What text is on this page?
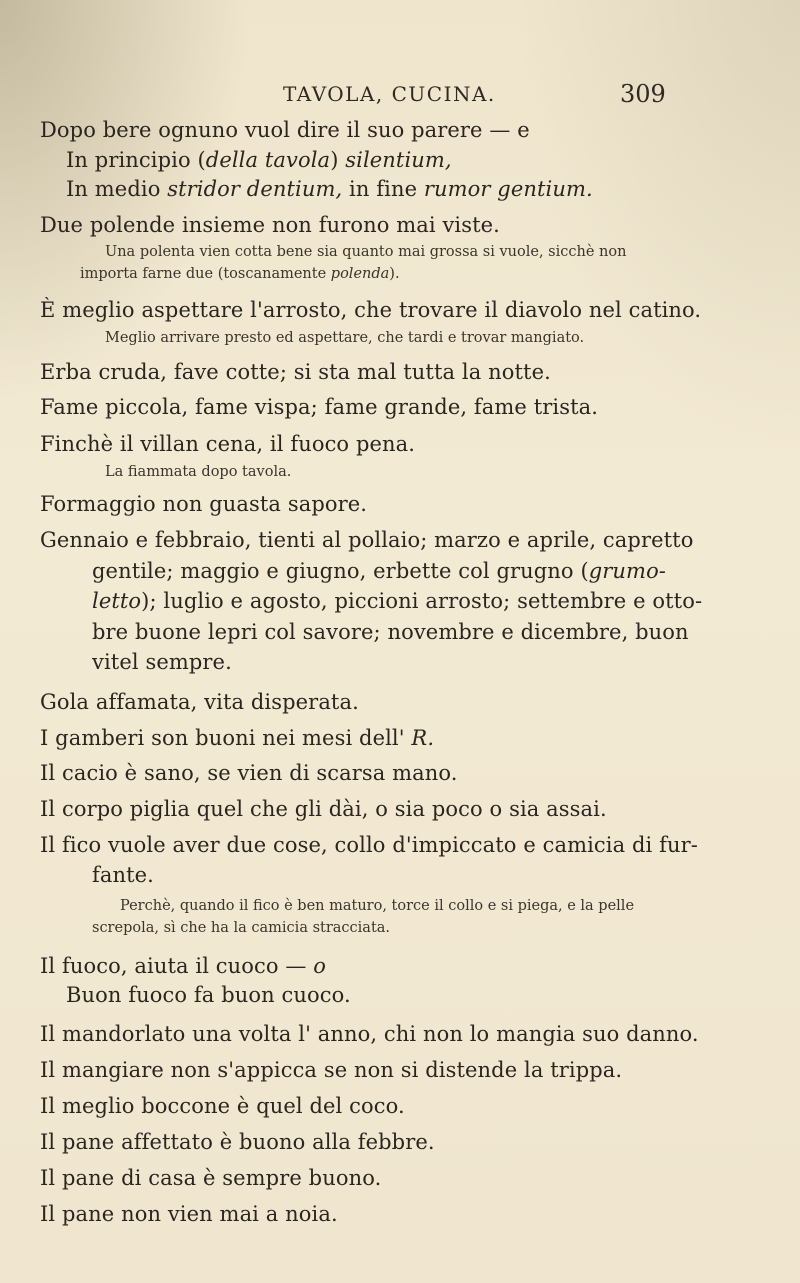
TAVOLA, CUCINA.	309
Dopo bere ognuno vuol dire il suo parere — e
In principio (della tavola) silentium,
In medio stridor dentium, in fine rumor gentium.
Due polende insieme non furono mai viste.
Una polenta vien cotta bene sia quanto mai grossa si vuole, sicchè non
importa farne due (toscanamente polenda).
È meglio aspettare l'arrosto, che trovare il diavolo nel catino.
Meglio arrivare presto ed aspettare, che tardi e trovar mangiato.
Erba cruda, fave cotte; si sta mal tutta la notte.
Fame piccola, fame vispa; fame grande, fame trista.
Finchè il villan cena, il fuoco pena.
La fiammata dopo tavola.
Formaggio non guasta sapore.
Gennaio e febbraio, tienti al pollaio; marzo e aprile, capretto
gentile; maggio e giugno, erbette col grugno (grumo-
letto); luglio e agosto, piccioni arrosto; settembre e otto-
bre buone lepri col savore; novembre e dicembre, buon
vitel sempre.
Gola affamata, vita disperata.
I gamberi son buoni nei mesi dell' R.
Il cacio è sano, se vien di scarsa mano.
Il corpo piglia quel che gli dài, o sia poco o sia assai.
Il fico vuole aver due cose, collo d'impiccato e camicia di fur-
fante.
Perchè, quando il fico è ben maturo, torce il collo e si piega, e la pelle
screpola, sì che ha la camicia stracciata.
Il fuoco, aiuta il cuoco — o
Buon fuoco fa buon cuoco.
Il mandorlato una volta l' anno, chi non lo mangia suo danno.
Il mangiare non s'appicca se non si distende la trippa.
Il meglio boccone è quel del coco.
Il pane affettato è buono alla febbre.
Il pane di casa è sempre buono.
Il pane non vien mai a noia.
